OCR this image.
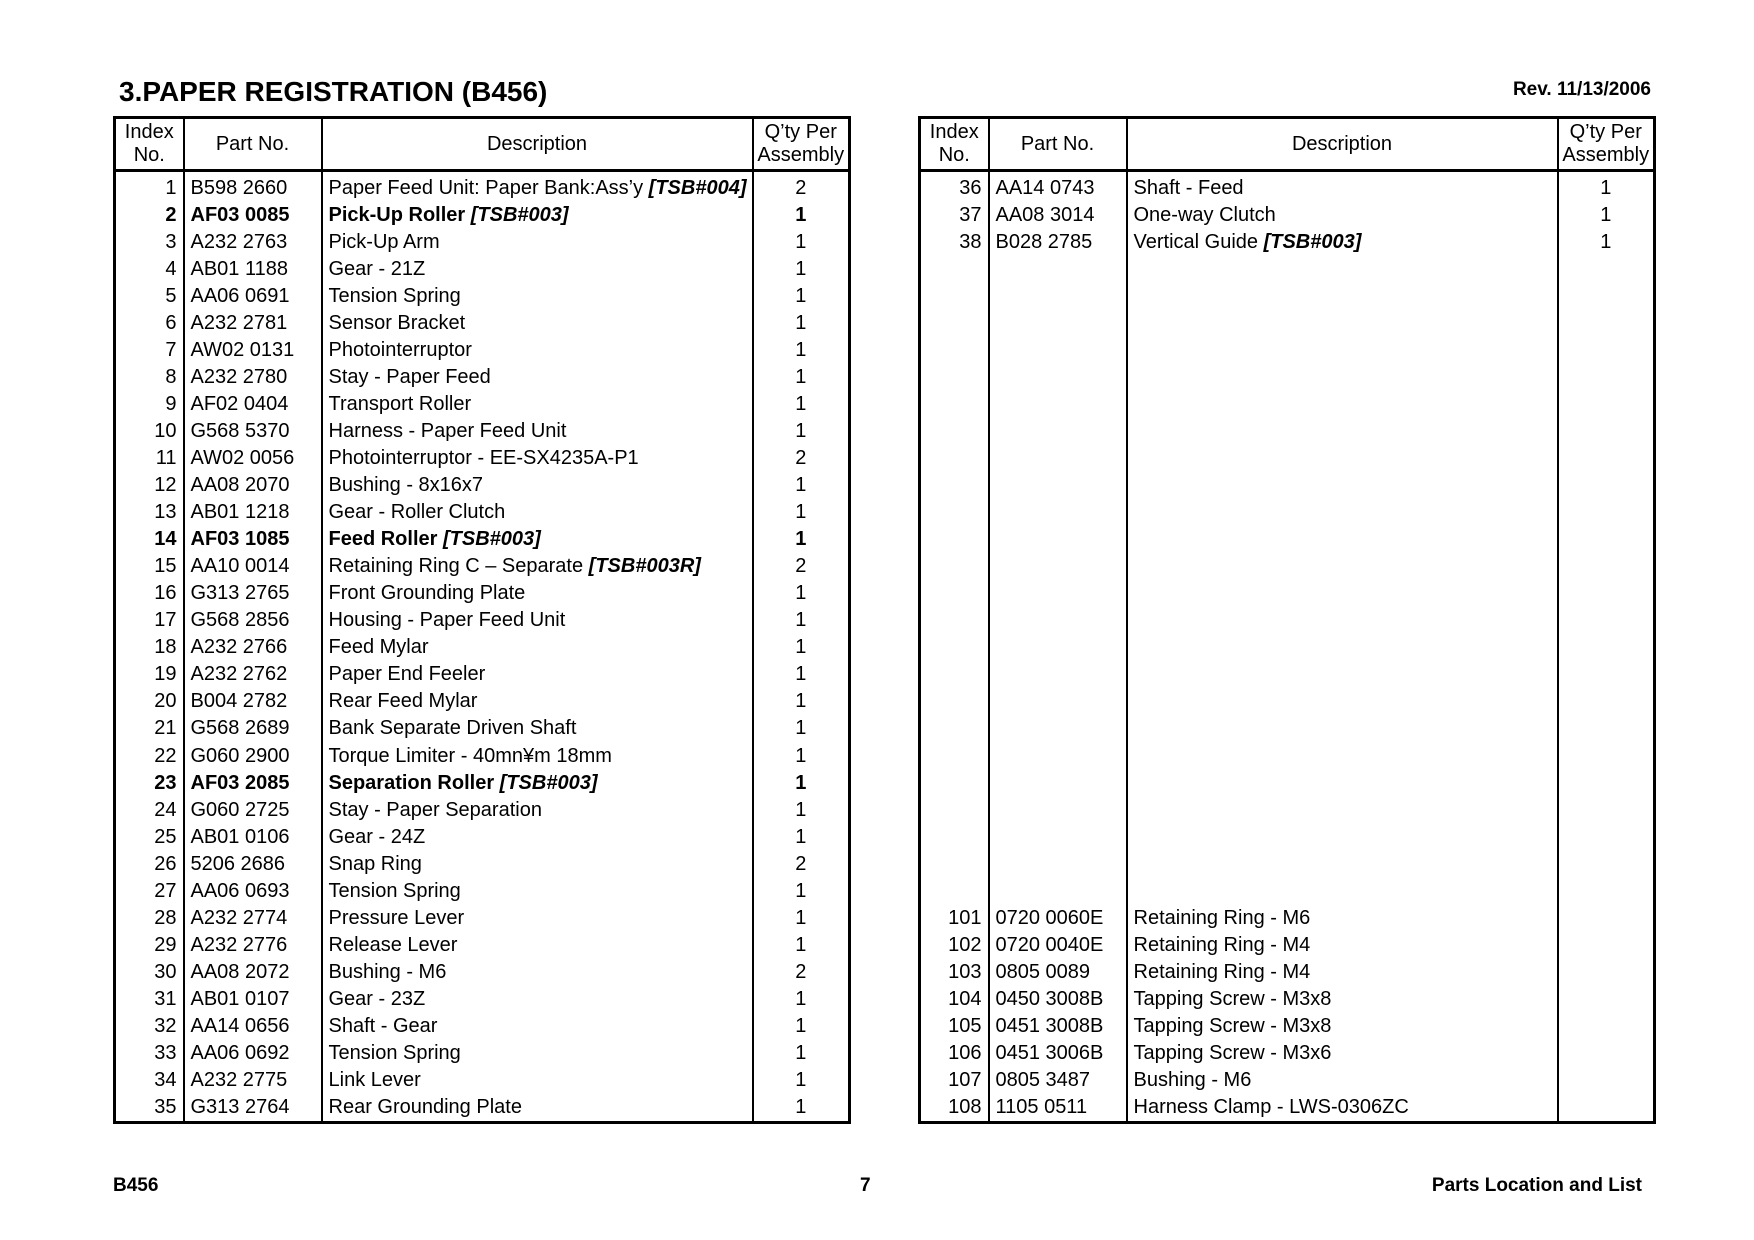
3.PAPER REGISTRATION (B456)	Rev. 11/13/2006
Index
No.	Part No.	Description	Q’ty Per
Assembly
1	B598 2660	Paper Feed Unit: Paper Bank:Ass’y [TSB#004]	2
2	AF03 0085	Pick-Up Roller [TSB#003]	1
3	A232 2763	Pick-Up Arm	1
4	AB01 1188	Gear - 21Z	1
5	AA06 0691	Tension Spring	1
6	A232 2781	Sensor Bracket	1
7	AW02 0131	Photointerruptor	1
8	A232 2780	Stay - Paper Feed	1
9	AF02 0404	Transport Roller	1
10	G568 5370	Harness - Paper Feed Unit	1
11	AW02 0056	Photointerruptor - EE-SX4235A-P1	2
12	AA08 2070	Bushing - 8x16x7	1
13	AB01 1218	Gear - Roller Clutch	1
14	AF03 1085	Feed Roller [TSB#003]	1
15	AA10 0014	Retaining Ring C – Separate [TSB#003R]	2
16	G313 2765	Front Grounding Plate	1
17	G568 2856	Housing - Paper Feed Unit	1
18	A232 2766	Feed Mylar	1
19	A232 2762	Paper End Feeler	1
20	B004 2782	Rear Feed Mylar	1
21	G568 2689	Bank Separate Driven Shaft	1
22	G060 2900	Torque Limiter - 40mn¥m 18mm	1
23	AF03 2085	Separation Roller [TSB#003]	1
24	G060 2725	Stay - Paper Separation	1
25	AB01 0106	Gear - 24Z	1
26	5206 2686	Snap Ring	2
27	AA06 0693	Tension Spring	1
28	A232 2774	Pressure Lever	1
29	A232 2776	Release Lever	1
30	AA08 2072	Bushing - M6	2
31	AB01 0107	Gear - 23Z	1
32	AA14 0656	Shaft - Gear	1
33	AA06 0692	Tension Spring	1
34	A232 2775	Link Lever	1
35	G313 2764	Rear Grounding Plate	1
Index
No.	Part No.	Description	Q’ty Per
Assembly
36	AA14 0743	Shaft - Feed	1
37	AA08 3014	One-way Clutch	1
38	B028 2785	Vertical Guide [TSB#003]	1

101	0720 0060E	Retaining Ring - M6	
102	0720 0040E	Retaining Ring - M4	
103	0805 0089	Retaining Ring - M4	
104	0450 3008B	Tapping Screw - M3x8	
105	0451 3008B	Tapping Screw - M3x8	
106	0451 3006B	Tapping Screw - M3x6	
107	0805 3487	Bushing - M6	
108	1105 0511	Harness Clamp - LWS-0306ZC	
B456	7	Parts Location and List
